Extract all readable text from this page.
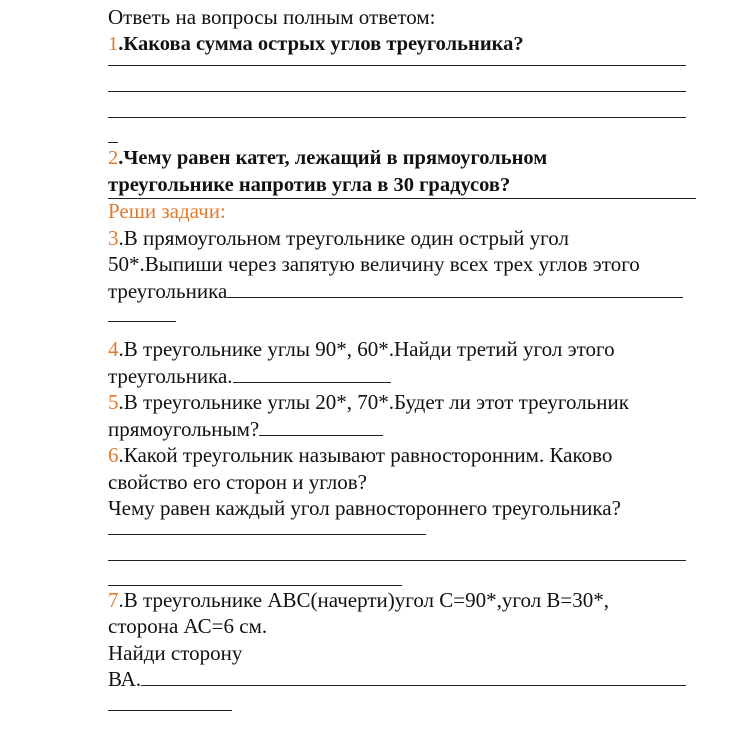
Ответь на вопросы полным ответом:
1.Какова сумма острых углов треугольника?
2.Чему равен катет, лежащий в прямоугольном
треугольнике напротив угла в 30 градусов?
Реши задачи:
3.В прямоугольном треугольнике один острый угол
50*.Выпиши через запятую величину всех трех углов этого
треугольника
4.В треугольнике углы 90*, 60*.Найди третий угол этого
треугольника.
5.В треугольнике углы 20*, 70*.Будет ли этот треугольник
прямоугольным?
6.Какой треугольник называют равносторонним. Каково
свойство его сторон и углов?
Чему равен каждый угол равностороннего треугольника?
7.В треугольнике АВС(начерти)угол С=90*,угол В=30*,
сторона АС=6 см.
Найди сторону
ВА.
